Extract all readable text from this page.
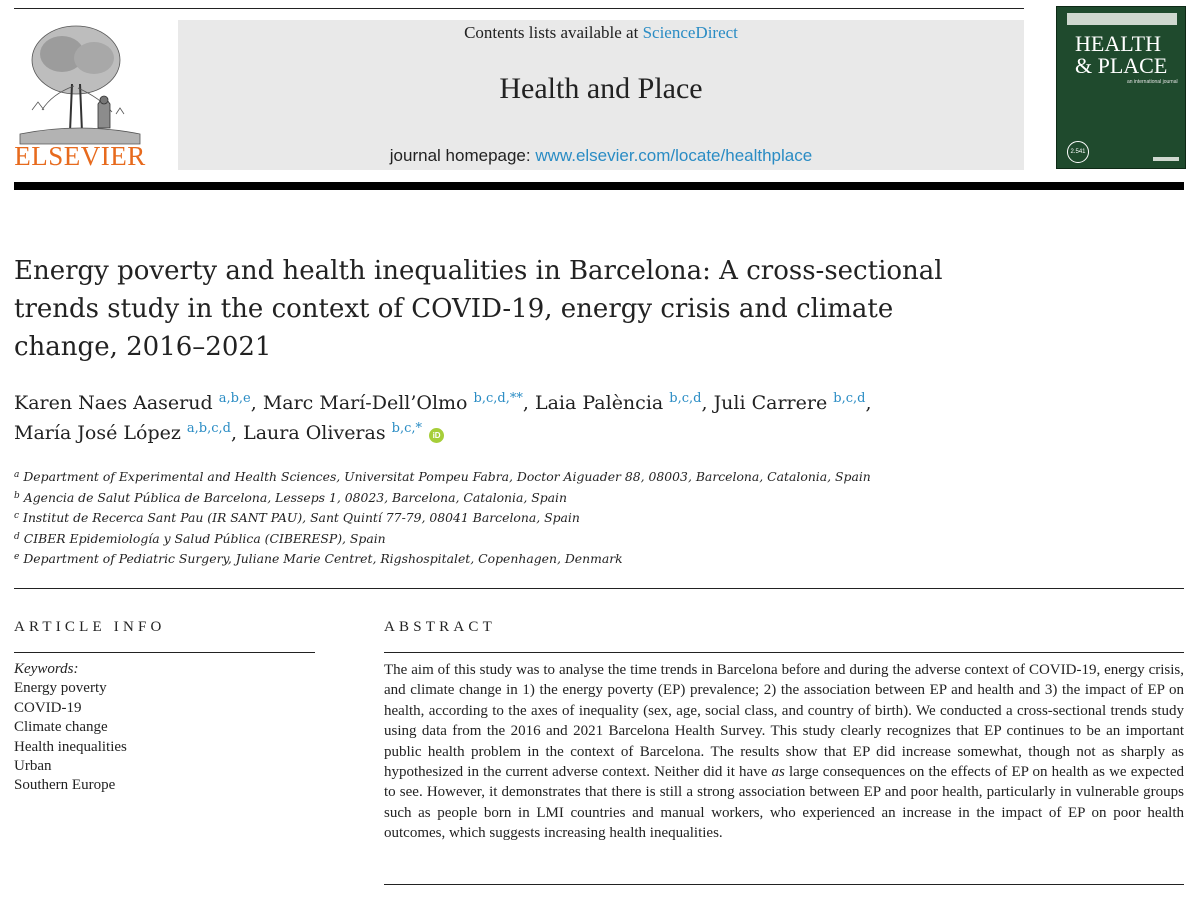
ELSEVIER
Contents lists available at ScienceDirect
Health and Place
journal homepage: www.elsevier.com/locate/healthplace
HEALTH
& PLACE
an international journal
2.541
Energy poverty and health inequalities in Barcelona: A cross-sectional trends study in the context of COVID-19, energy crisis and climate change, 2016–2021
Karen Naes Aaserud $^{a,b,e}$, Marc Marí-Dell’Olmo $^{b,c,d,**}$, Laia Palència $^{b,c,d}$, Juli Carrere $^{b,c,d}$,
María José López $^{a,b,c,d}$, Laura Oliveras $^{b,c,*}$ iD
$^a$ Department of Experimental and Health Sciences, Universitat Pompeu Fabra, Doctor Aiguader 88, 08003, Barcelona, Catalonia, Spain
$^b$ Agencia de Salut Pública de Barcelona, Lesseps 1, 08023, Barcelona, Catalonia, Spain
$^c$ Institut de Recerca Sant Pau (IR SANT PAU), Sant Quintí 77-79, 08041 Barcelona, Spain
$^d$ CIBER Epidemiología y Salud Pública (CIBERESP), Spain
$^e$ Department of Pediatric Surgery, Juliane Marie Centret, Rigshospitalet, Copenhagen, Denmark
ARTICLE INFO
Keywords:
Energy poverty
COVID-19
Climate change
Health inequalities
Urban
Southern Europe
ABSTRACT

The aim of this study was to analyse the time trends in Barcelona before and during the adverse context of COVID-19, energy crisis, and climate change in 1) the energy poverty (EP) prevalence; 2) the association between EP and health and 3) the impact of EP on health, according to the axes of inequality (sex, age, social class, and country of birth). We conducted a cross-sectional trends study using data from the 2016 and 2021 Barcelona Health Survey. This study clearly recognizes that EP continues to be an important public health problem in the context of Barcelona. The results show that EP did increase somewhat, though not as sharply as hypothesized in the current adverse context. Neither did it have as large consequences on the effects of EP on health as we expected to see. However, it demonstrates that there is still a strong association between EP and poor health, particularly in vulnerable groups such as people born in LMI countries and manual workers, who experienced an increase in the impact of EP on poor health outcomes, which suggests increasing health inequalities.
